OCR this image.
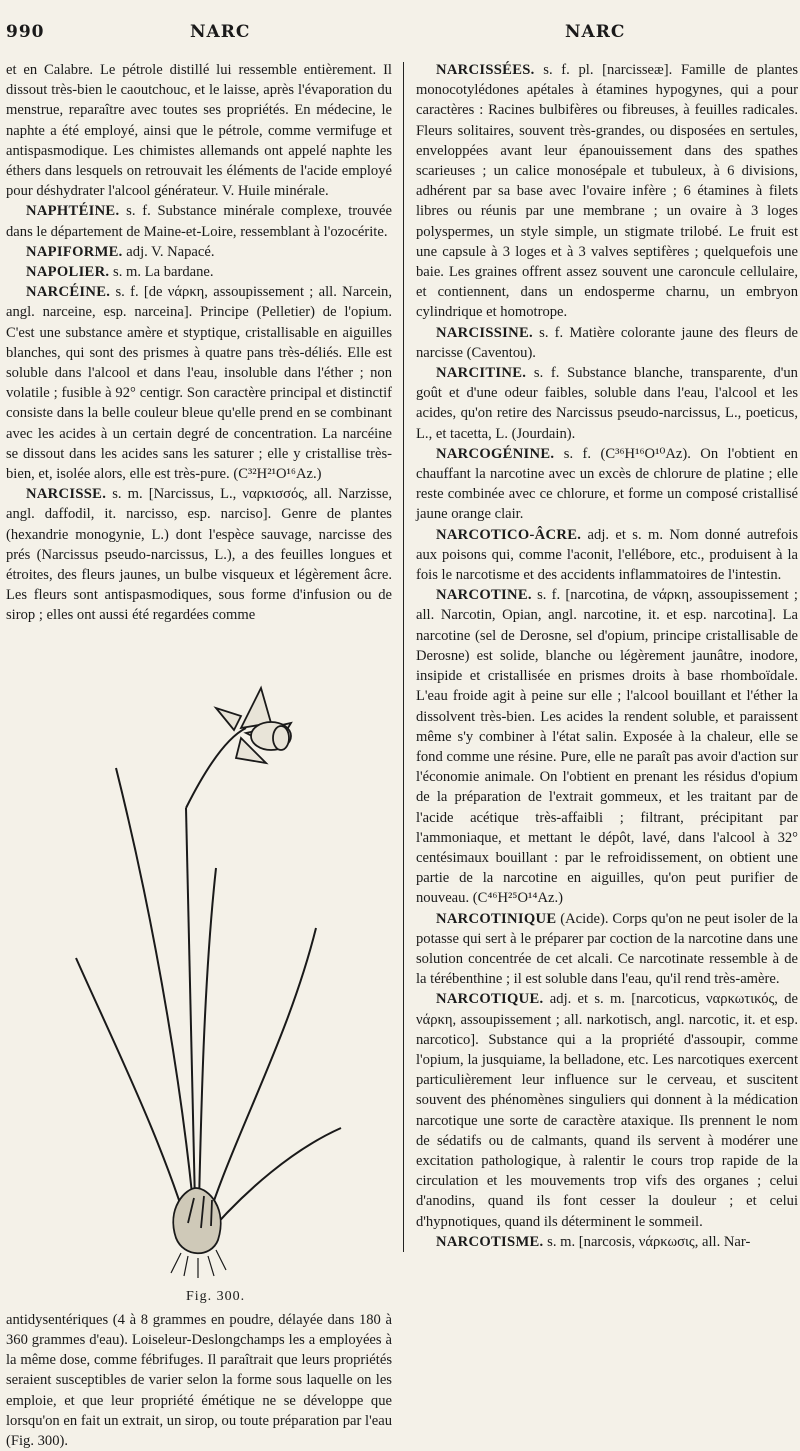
990	NARC	NARC

et en Calabre. Le pétrole distillé lui ressemble entièrement. Il dissout très-bien le caoutchouc, et le laisse, après l'évaporation du menstrue, reparaître avec toutes ses propriétés. En médecine, le naphte a été employé, ainsi que le pétrole, comme vermifuge et antispasmodique. Les chimistes allemands ont appelé naphte les éthers dans lesquels on retrouvait les éléments de l'acide employé pour déshydrater l'alcool générateur. V. Huile minérale.

NAPHTÉINE. s. f. Substance minérale complexe, trouvée dans le département de Maine-et-Loire, ressemblant à l'ozocérite.

NAPIFORME. adj. V. Napacé.

NAPOLIER. s. m. La bardane.

NARCÉINE. s. f. [de νάρκη, assoupissement ; all. Narcein, angl. narceine, esp. narceina]. Principe (Pelletier) de l'opium. C'est une substance amère et styptique, cristallisable en aiguilles blanches, qui sont des prismes à quatre pans très-déliés. Elle est soluble dans l'alcool et dans l'eau, insoluble dans l'éther ; non volatile ; fusible à 92° centigr. Son caractère principal et distinctif consiste dans la belle couleur bleue qu'elle prend en se combinant avec les acides à un certain degré de concentration. La narcéine se dissout dans les acides sans les saturer ; elle y cristallise très-bien, et, isolée alors, elle est très-pure. (C³²H²¹O¹⁶Az.)

NARCISSE. s. m. [Narcissus, L., ναρκισσός, all. Narzisse, angl. daffodil, it. narcisso, esp. narciso]. Genre de plantes (hexandrie monogynie, L.) dont l'espèce sauvage, narcisse des prés (Narcissus pseudo-narcissus, L.), a des feuilles longues et étroites, des fleurs jaunes, un bulbe visqueux et légèrement âcre. Les fleurs sont antispasmodiques, sous forme d'infusion ou de sirop ; elles ont aussi été regardées comme

Fig. 300.

antidysentériques (4 à 8 grammes en poudre, délayée dans 180 à 360 grammes d'eau). Loiseleur-Deslongchamps les a employées à la même dose, comme fébrifuges. Il paraîtrait que leurs propriétés seraient susceptibles de varier selon la forme sous laquelle on les emploie, et que leur propriété émétique ne se développe que lorsqu'on en fait un extrait, un sirop, ou toute préparation par l'eau (Fig. 300).

NARCISSÉES. s. f. pl. [narcisseæ]. Famille de plantes monocotylédones apétales à étamines hypogynes, qui a pour caractères : Racines bulbifères ou fibreuses, à feuilles radicales. Fleurs solitaires, souvent très-grandes, ou disposées en sertules, enveloppées avant leur épanouissement dans des spathes scarieuses ; un calice monosépale et tubuleux, à 6 divisions, adhérent par sa base avec l'ovaire infère ; 6 étamines à filets libres ou réunis par une membrane ; un ovaire à 3 loges polyspermes, un style simple, un stigmate trilobé. Le fruit est une capsule à 3 loges et à 3 valves septifères ; quelquefois une baie. Les graines offrent assez souvent une caroncule cellulaire, et contiennent, dans un endosperme charnu, un embryon cylindrique et homotrope.

NARCISSINE. s. f. Matière colorante jaune des fleurs de narcisse (Caventou).

NARCITINE. s. f. Substance blanche, transparente, d'un goût et d'une odeur faibles, soluble dans l'eau, l'alcool et les acides, qu'on retire des Narcissus pseudo-narcissus, L., poeticus, L., et tacetta, L. (Jourdain).

NARCOGÉNINE. s. f. (C³⁶H¹⁶O¹⁰Az). On l'obtient en chauffant la narcotine avec un excès de chlorure de platine ; elle reste combinée avec ce chlorure, et forme un composé cristallisé jaune orange clair.

NARCOTICO-ÂCRE. adj. et s. m. Nom donné autrefois aux poisons qui, comme l'aconit, l'ellébore, etc., produisent à la fois le narcotisme et des accidents inflammatoires de l'intestin.

NARCOTINE. s. f. [narcotina, de νάρκη, assoupissement ; all. Narcotin, Opian, angl. narcotine, it. et esp. narcotina]. La narcotine (sel de Derosne, sel d'opium, principe cristallisable de Derosne) est solide, blanche ou légèrement jaunâtre, inodore, insipide et cristallisée en prismes droits à base rhomboïdale. L'eau froide agit à peine sur elle ; l'alcool bouillant et l'éther la dissolvent très-bien. Les acides la rendent soluble, et paraissent même s'y combiner à l'état salin. Exposée à la chaleur, elle se fond comme une résine. Pure, elle ne paraît pas avoir d'action sur l'économie animale. On l'obtient en prenant les résidus d'opium de la préparation de l'extrait gommeux, et les traitant par de l'acide acétique très-affaibli ; filtrant, précipitant par l'ammoniaque, et mettant le dépôt, lavé, dans l'alcool à 32° centésimaux bouillant : par le refroidissement, on obtient une partie de la narcotine en aiguilles, qu'on peut purifier de nouveau. (C⁴⁶H²⁵O¹⁴Az.)

NARCOTINIQUE (Acide). Corps qu'on ne peut isoler de la potasse qui sert à le préparer par coction de la narcotine dans une solution concentrée de cet alcali. Ce narcotinate ressemble à de la térébenthine ; il est soluble dans l'eau, qu'il rend très-amère.

NARCOTIQUE. adj. et s. m. [narcoticus, ναρκωτικός, de νάρκη, assoupissement ; all. narkotisch, angl. narcotic, it. et esp. narcotico]. Substance qui a la propriété d'assoupir, comme l'opium, la jusquiame, la belladone, etc. Les narcotiques exercent particulièrement leur influence sur le cerveau, et suscitent souvent des phénomènes singuliers qui donnent à la médication narcotique une sorte de caractère ataxique. Ils prennent le nom de sédatifs ou de calmants, quand ils servent à modérer une excitation pathologique, à ralentir le cours trop rapide de la circulation et les mouvements trop vifs des organes ; celui d'anodins, quand ils font cesser la douleur ; et celui d'hypnotiques, quand ils déterminent le sommeil.

NARCOTISME. s. m. [narcosis, νάρκωσις, all. Nar-
